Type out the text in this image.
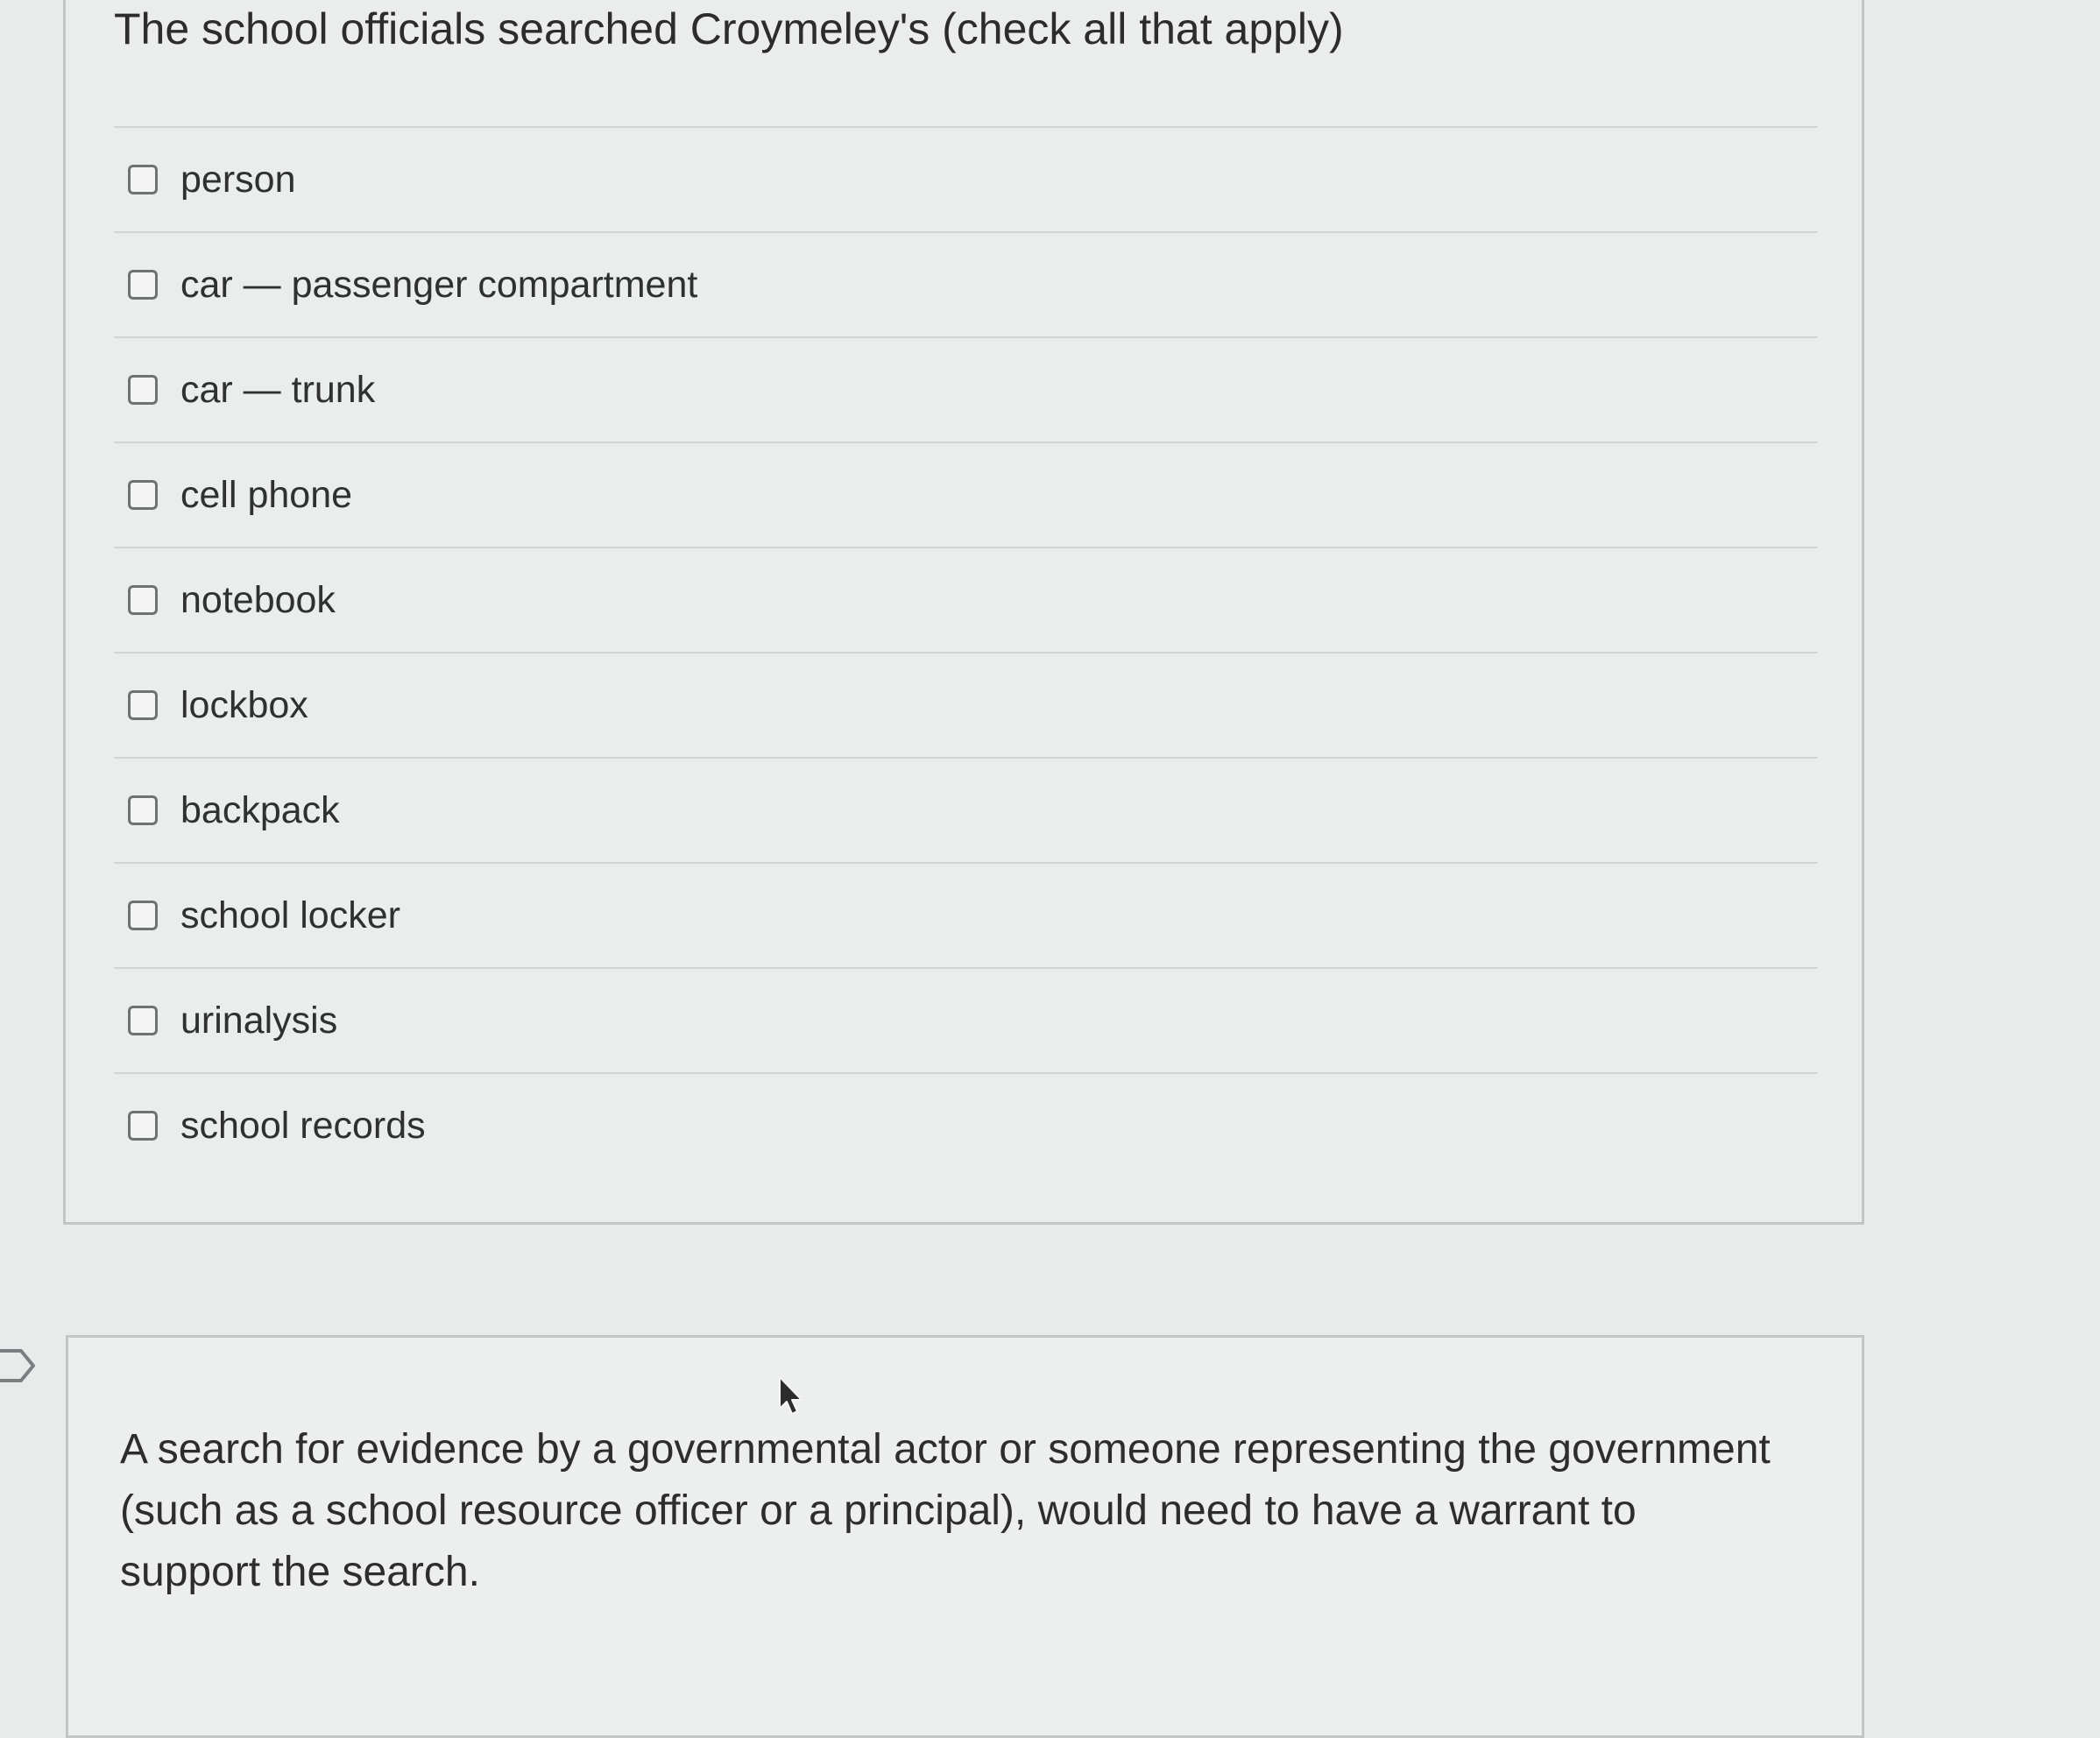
The school officials searched Croymeley's (check all that apply)
person
car — passenger compartment
car — trunk
cell phone
notebook
lockbox
backpack
school locker
urinalysis
school records
A search for evidence by a governmental actor or someone representing the government (such as a school resource officer or a principal), would need to have a warrant to support the search.
